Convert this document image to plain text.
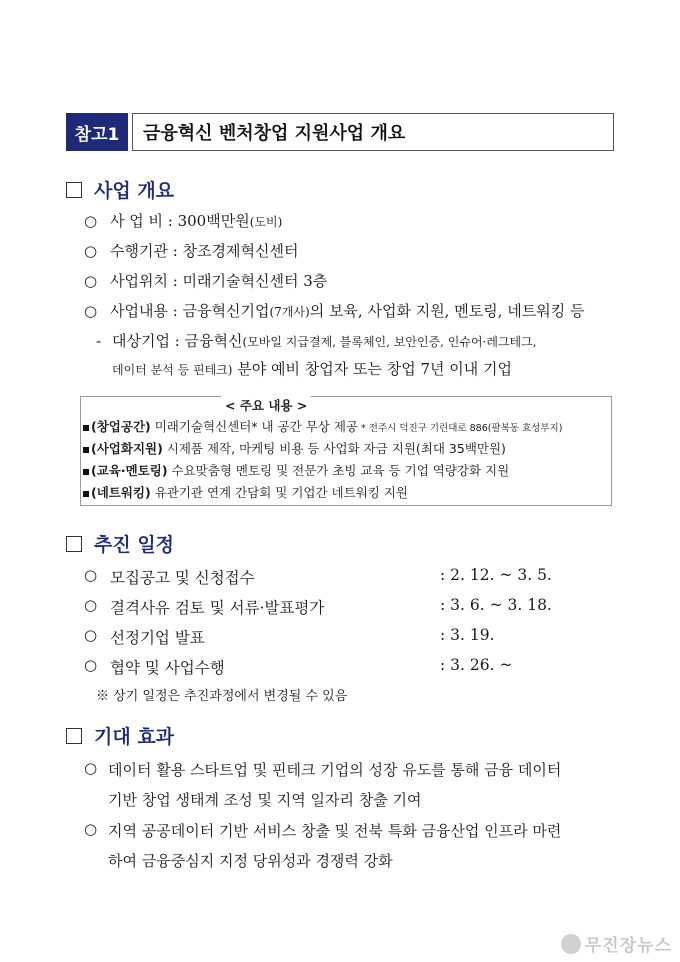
참고1	금융혁신 벤처창업 지원사업 개요
사업 개요
○ 사 업 비 : 300백만원(도비)
○ 수행기관 : 창조경제혁신센터
○ 사업위치 : 미래기술혁신센터 3층
○ 사업내용 : 금융혁신기업(7개사)의 보육, 사업화 지원, 멘토링, 네트워킹 등
- 대상기업 : 금융혁신(모바일 지급결제, 블록체인, 보안인증, 인슈어·레그테그,
데이터 분석 등 핀테크) 분야 예비 창업자 또는 창업 7년 이내 기업
< 주요 내용 >
(창업공간) 미래기술혁신센터* 내 공간 무상 제공 * 전주시 덕진구 기린대로 886(팔복동 효성부지)
(사업화지원) 시제품 제작, 마케팅 비용 등 사업화 자금 지원(최대 35백만원)
(교육·멘토링) 수요맞춤형 멘토링 및 전문가 초빙 교육 등 기업 역량강화 지원
(네트워킹) 유관기관 연계 간담회 및 기업간 네트워킹 지원
추진 일정
○ 모집공고 및 신청접수	: 2. 12. ~ 3. 5.
○ 결격사유 검토 및 서류·발표평가	: 3. 6. ~ 3. 18.
○ 선정기업 발표	: 3. 19.
○ 협약 및 사업수행	: 3. 26. ~
※ 상기 일정은 추진과정에서 변경될 수 있음
기대 효과
○ 데이터 활용 스타트업 및 핀테크 기업의 성장 유도를 통해 금융 데이터
기반 창업 생태계 조성 및 지역 일자리 창출 기여
○ 지역 공공데이터 기반 서비스 창출 및 전북 특화 금융산업 인프라 마련
하여 금융중심지 지정 당위성과 경쟁력 강화
무진장뉴스
